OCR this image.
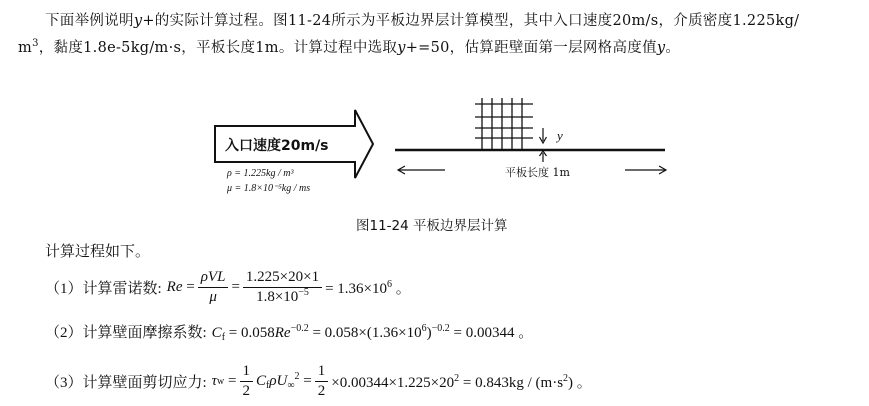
下面举例说明y+的实际计算过程。图11-24所示为平板边界层计算模型，其中入口速度20m/s，介质密度1.225kg/
$m^3$，黏度1.8e-5kg/m·s，平板长度1m。计算过程中选取y+=50，估算距壁面第一层网格高度值y。
入口速度20m/s
ρ = 1.225kg / m³
μ = 1.8×10⁻⁵kg / ms
y
平板长度 1m
图11-24 平板边界层计算
计算过程如下。
（1）计算雷诺数: $Re = \frac{\text{ρVL}}{\mu} = \frac{1.225\times 20\times 1}{1.8\times 10^{-5}} = 1.36\times 10^6$ 。
（2）计算壁面摩擦系数: $C_f = 0.058Re^{-0.2} = 0.058\times(1.36\times 10^6)^{-0.2} = 0.00344$ 。
（3）计算壁面剪切应力: τ $w = \frac{1}{2} C_f\rho U_\infty^2 = \frac{1}{2} \times 0.00344\times 1.225\times 20^2 = 0.843kg / (m\cdot s^2)$ 。
